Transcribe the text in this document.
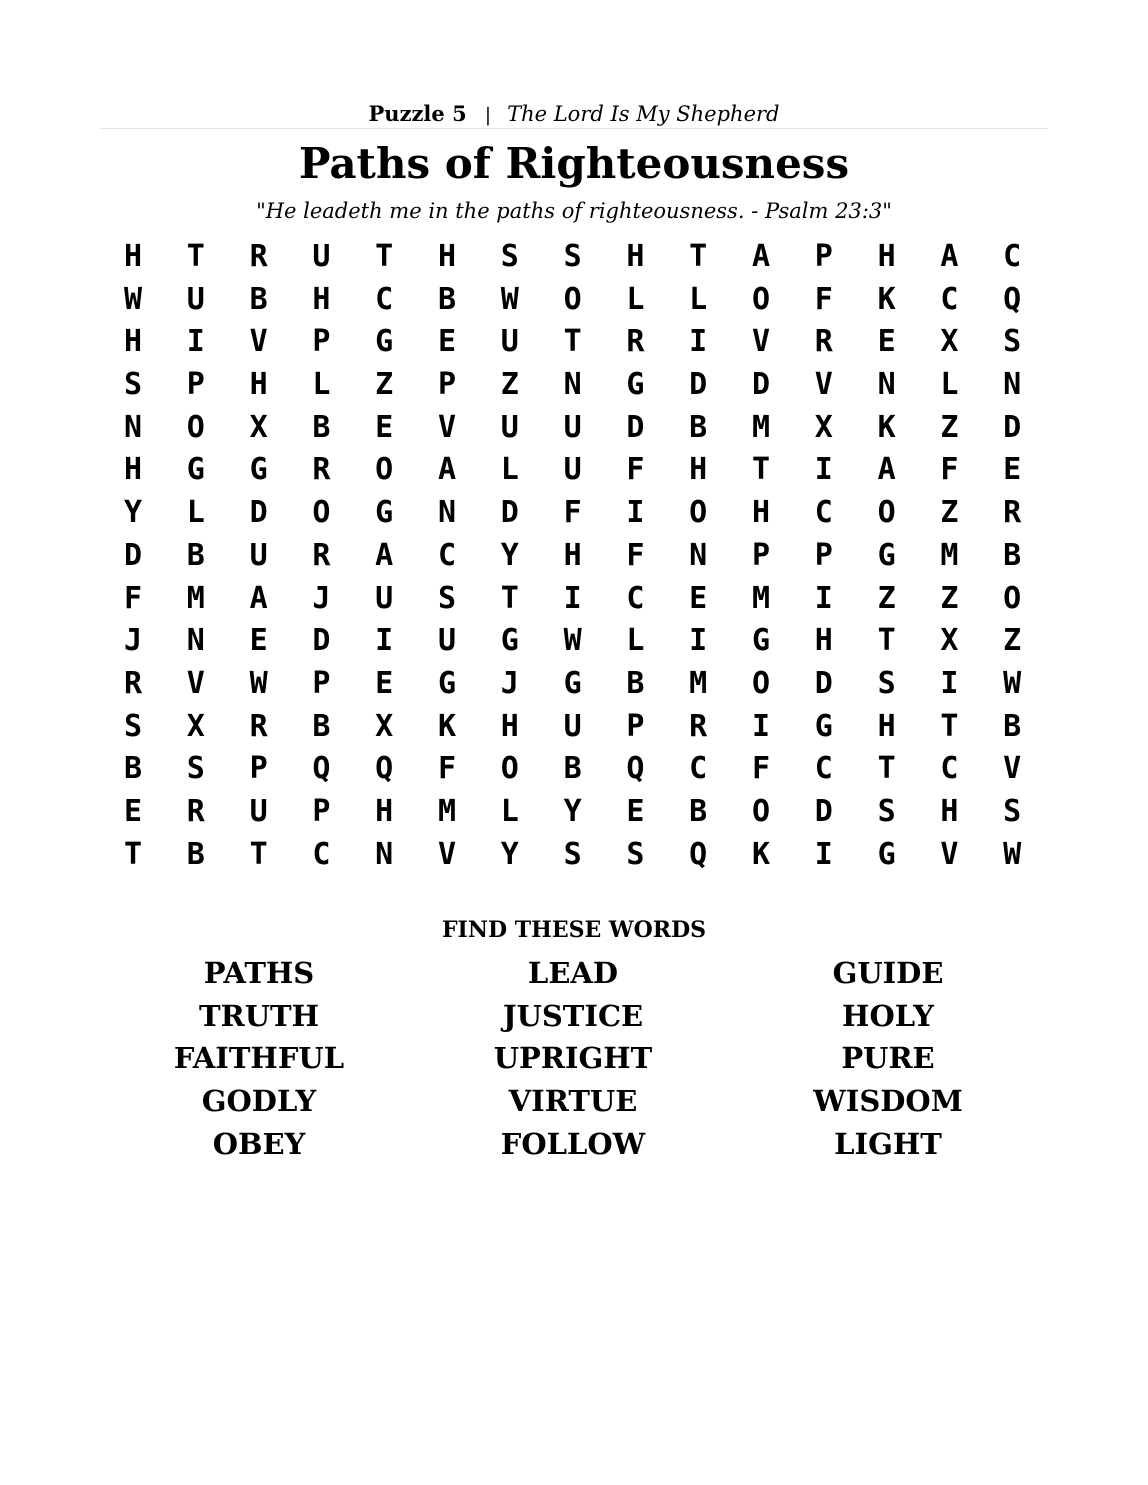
Puzzle 5 | The Lord Is My Shepherd
Paths of Righteousness
"He leadeth me in the paths of righteousness. - Psalm 23:3"
H	T	R	U	T	H	S	S	H	T	A	P	H	A	C
W	U	B	H	C	B	W	O	L	L	O	F	K	C	Q
H	I	V	P	G	E	U	T	R	I	V	R	E	X	S
S	P	H	L	Z	P	Z	N	G	D	D	V	N	L	N
N	O	X	B	E	V	U	U	D	B	M	X	K	Z	D
H	G	G	R	O	A	L	U	F	H	T	I	A	F	E
Y	L	D	O	G	N	D	F	I	O	H	C	O	Z	R
D	B	U	R	A	C	Y	H	F	N	P	P	G	M	B
F	M	A	J	U	S	T	I	C	E	M	I	Z	Z	O
J	N	E	D	I	U	G	W	L	I	G	H	T	X	Z
R	V	W	P	E	G	J	G	B	M	O	D	S	I	W
S	X	R	B	X	K	H	U	P	R	I	G	H	T	B
B	S	P	Q	Q	F	O	B	Q	C	F	C	T	C	V
E	R	U	P	H	M	L	Y	E	B	O	D	S	H	S
T	B	T	C	N	V	Y	S	S	Q	K	I	G	V	W
FIND THESE WORDS
PATHS	LEAD	GUIDE
TRUTH	JUSTICE	HOLY
FAITHFUL	UPRIGHT	PURE
GODLY	VIRTUE	WISDOM
OBEY	FOLLOW	LIGHT
